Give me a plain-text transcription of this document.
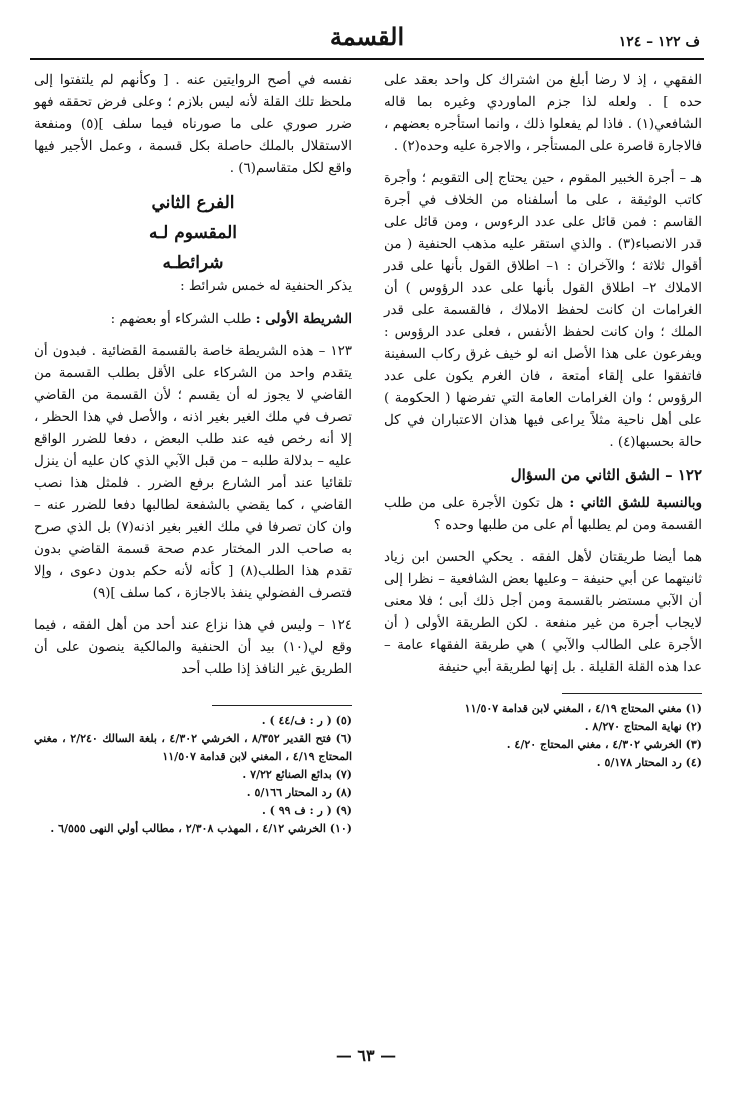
القسمة	ف ١٢٢ – ١٢٤

الفقهي ، إذ لا رضا أبلغ من اشتراك كل واحد بعقد على حده ] . ولعله لذا جزم الماوردي وغيره بما قاله الشافعي(١) . فاذا لم يفعلوا ذلك ، وانما استأجره بعضهم ، فالاجارة قاصرة على المستأجر ، والاجرة عليه وحده(٢) .

هـ – أجرة الخبير المقوم ، حين يحتاج إلى التقويم ؛ وأجرة كاتب الوثيقة ، على ما أسلفناه من الخلاف في أجرة القاسم : فمن قائل على عدد الرءوس ، ومن قائل على قدر الانصباء(٣) . والذي استقر عليه مذهب الحنفية ( من أقوال ثلاثة ؛ والآخران : ١– اطلاق القول بأنها على قدر الاملاك ٢– اطلاق القول بأنها على عدد الرؤوس ) أن الغرامات ان كانت لحفظ الاملاك ، فالقسمة على قدر الملك ؛ وان كانت لحفظ الأنفس ، فعلى عدد الرؤوس : ويفرعون على هذا الأصل انه لو خيف غرق ركاب السفينة فاتفقوا على إلقاء أمتعة ، فان الغرم يكون على عدد الرؤوس ؛ وان الغرامات العامة التي تفرضها ( الحكومة ) على أهل ناحية مثلاً يراعى فيها هذان الاعتباران في كل حالة بحسبها(٤) .

١٢٢ – الشق الثاني من السؤال

وبالنسبة للشق الثاني : هل تكون الأجرة على من طلب القسمة ومن لم يطلبها أم على من طلبها وحده ؟

هما أيضا طريقتان لأهل الفقه . يحكي الحسن ابن زياد ثانيتهما عن أبي حنيفة – وعليها بعض الشافعية – نظرا إلى أن الآبي مستضر بالقسمة ومن أجل ذلك أبى ؛ فلا معنى لايجاب أجرة من غير منفعة . لكن الطريقة الأولى ( أن الأجرة على الطالب والآبي ) هي طريقة الفقهاء عامة – عدا هذه القلة القليلة . بل إنها لطريقة أبي حنيفة

(١) مغني المحتاج ٤/١٩ ، المغني لابن قدامة ١١/٥٠٧
(٢) نهاية المحتاج ٨/٢٧٠ .
(٣) الخرشي ٤/٣٠٢ ، مغني المحتاج ٤/٢٠ .
(٤) رد المحتار ٥/١٧٨ .

نفسه في أصح الروايتين عنه . [ وكأنهم لم يلتفتوا إلى ملحظ تلك القلة لأنه ليس بلازم ؛ وعلى فرض تحققه فهو ضرر صوري على ما صورناه فيما سلف ](٥) ومنفعة الاستقلال بالملك حاصلة بكل قسمة ، وعمل الأجير فيها واقع لكل متقاسم(٦) .

الفرع الثاني
المقسوم لـه
شرائطـه

يذكر الحنفية له خمس شرائط :

الشريطة الأولى : طلب الشركاء أو بعضهم :

١٢٣ – هذه الشريطة خاصة بالقسمة القضائية . فبدون أن يتقدم واحد من الشركاء على الأقل بطلب القسمة من القاضي لا يجوز له أن يقسم ؛ لأن القسمة من القاضي تصرف في ملك الغير بغير اذنه ، والأصل في هذا الحظر ، إلا أنه رخص فيه عند طلب البعض ، دفعا للضرر الواقع عليه – بدلالة طلبه – من قبل الآبي الذي كان عليه أن ينزل تلقائيا عند أمر الشارع برفع الضرر . فلمثل هذا نصب القاضي ، كما يقضي بالشفعة لطالبها دفعا للضرر عنه – وان كان تصرفا في ملك الغير بغير اذنه(٧) بل الذي صرح به صاحب الدر المختار عدم صحة قسمة القاضي بدون تقدم هذا الطلب(٨) [ كأنه لأنه حكم بدون دعوى ، وإلا فتصرف الفضولي ينفذ بالاجازة ، كما سلف ](٩)

١٢٤ – وليس في هذا نزاع عند أحد من أهل الفقه ، فيما وقع لي(١٠) بيد أن الحنفية والمالكية ينصون على أن الطريق غير النافذ إذا طلب أحد

(٥) ( ر : ف/٤٤ ) .
(٦) فتح القدير ٨/٣٥٢ ، الخرشي ٤/٣٠٢ ، بلغة السالك ٢/٢٤٠ ، مغني المحتاج ٤/١٩ ، المغني لابن قدامة ١١/٥٠٧
(٧) بدائع الصنائع ٧/٢٢ .
(٨) رد المحتار ٥/١٦٦ .
(٩) ( ر : ف ٩٩ ) .
(١٠) الخرشي ٤/١٢ ، المهذب ٢/٣٠٨ ، مطالب أولي النهى ٦/٥٥٥ .
— ٦٣ —
